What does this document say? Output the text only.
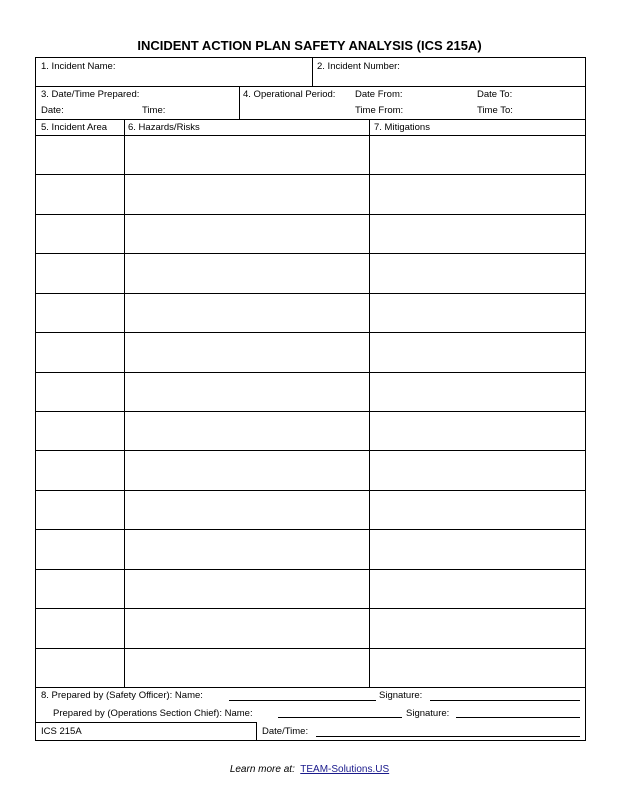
INCIDENT ACTION PLAN SAFETY ANALYSIS (ICS 215A)
1. Incident Name:	2. Incident Number:
3. Date/Time Prepared:
Date:	Time:
4. Operational Period: Date From:	Date To:
Time From:	Time To:
5. Incident Area 6. Hazards/Risks	7. Mitigations
8. Prepared by (Safety Officer): Name:	Signature:
Prepared by (Operations Section Chief): Name:	Signature:
ICS 215A	Date/Time:
Learn more at: TEAM-Solutions.US
